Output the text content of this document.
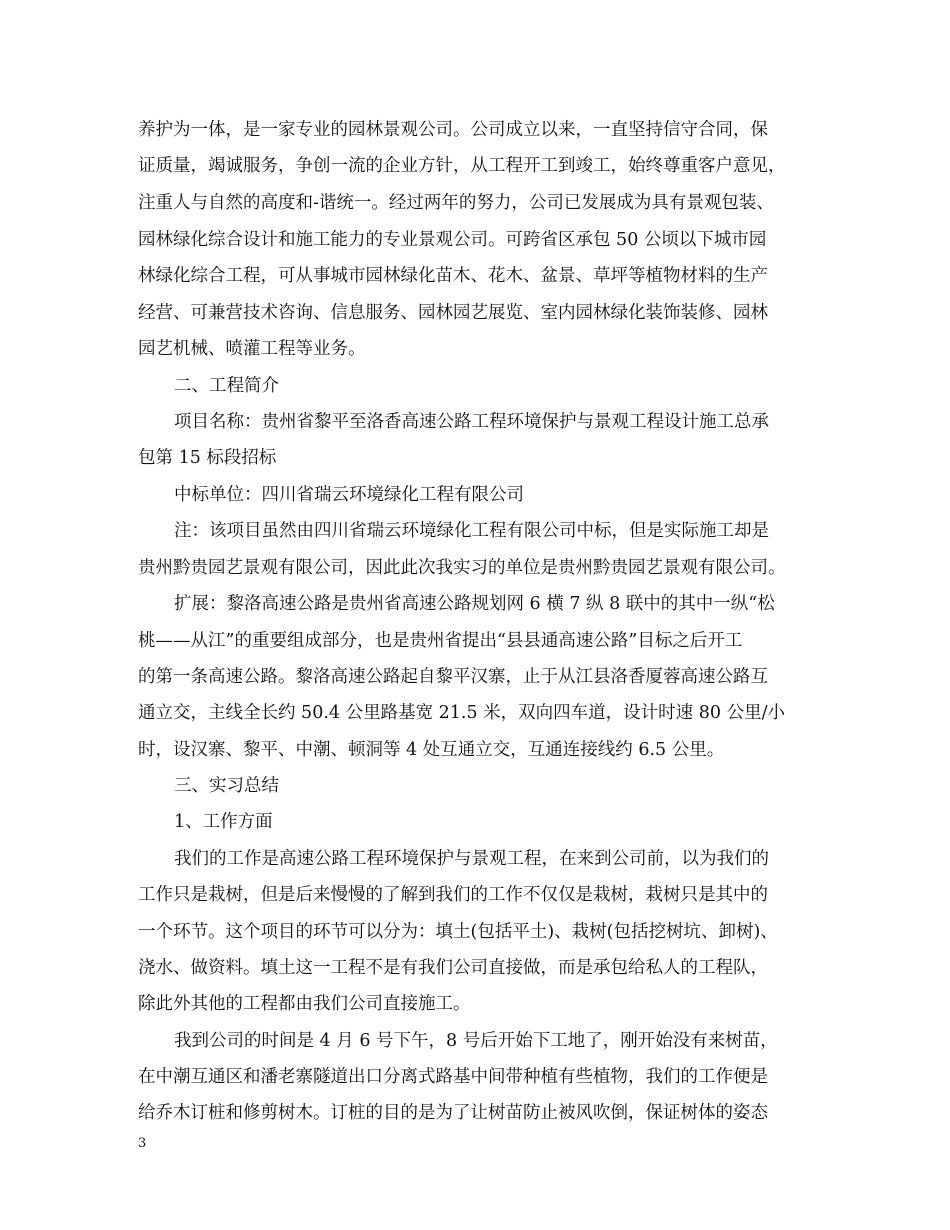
养护为一体，是一家专业的园林景观公司。公司成立以来，一直坚持信守合同，保
证质量，竭诚服务，争创一流的企业方针，从工程开工到竣工，始终尊重客户意见，
注重人与自然的高度和-谐统一。经过两年的努力，公司已发展成为具有景观包装、
园林绿化综合设计和施工能力的专业景观公司。可跨省区承包 50 公顷以下城市园
林绿化综合工程，可从事城市园林绿化苗木、花木、盆景、草坪等植物材料的生产
经营、可兼营技术咨询、信息服务、园林园艺展览、室内园林绿化装饰装修、园林
园艺机械、喷灌工程等业务。
二、工程简介
项目名称：贵州省黎平至洛香高速公路工程环境保护与景观工程设计施工总承
包第 15 标段招标
中标单位：四川省瑞云环境绿化工程有限公司
注：该项目虽然由四川省瑞云环境绿化工程有限公司中标，但是实际施工却是
贵州黔贵园艺景观有限公司，因此此次我实习的单位是贵州黔贵园艺景观有限公司。
扩展：黎洛高速公路是贵州省高速公路规划网 6 横 7 纵 8 联中的其中一纵“松
桃——从江”的重要组成部分，也是贵州省提出“县县通高速公路”目标之后开工
的第一条高速公路。黎洛高速公路起自黎平汉寨，止于从江县洛香厦蓉高速公路互
通立交，主线全长约 50.4 公里路基宽 21.5 米，双向四车道，设计时速 80 公里/小
时，设汉寨、黎平、中潮、顿洞等 4 处互通立交，互通连接线约 6.5 公里。
三、实习总结
1、工作方面
我们的工作是高速公路工程环境保护与景观工程，在来到公司前，以为我们的
工作只是栽树，但是后来慢慢的了解到我们的工作不仅仅是栽树，栽树只是其中的
一个环节。这个项目的环节可以分为：填土(包括平土)、栽树(包括挖树坑、卸树)、
浇水、做资料。填土这一工程不是有我们公司直接做，而是承包给私人的工程队，
除此外其他的工程都由我们公司直接施工。
我到公司的时间是 4 月 6 号下午，8 号后开始下工地了，刚开始没有来树苗，
在中潮互通区和潘老寨隧道出口分离式路基中间带种植有些植物，我们的工作便是
给乔木订桩和修剪树木。订桩的目的是为了让树苗防止被风吹倒，保证树体的姿态
3
